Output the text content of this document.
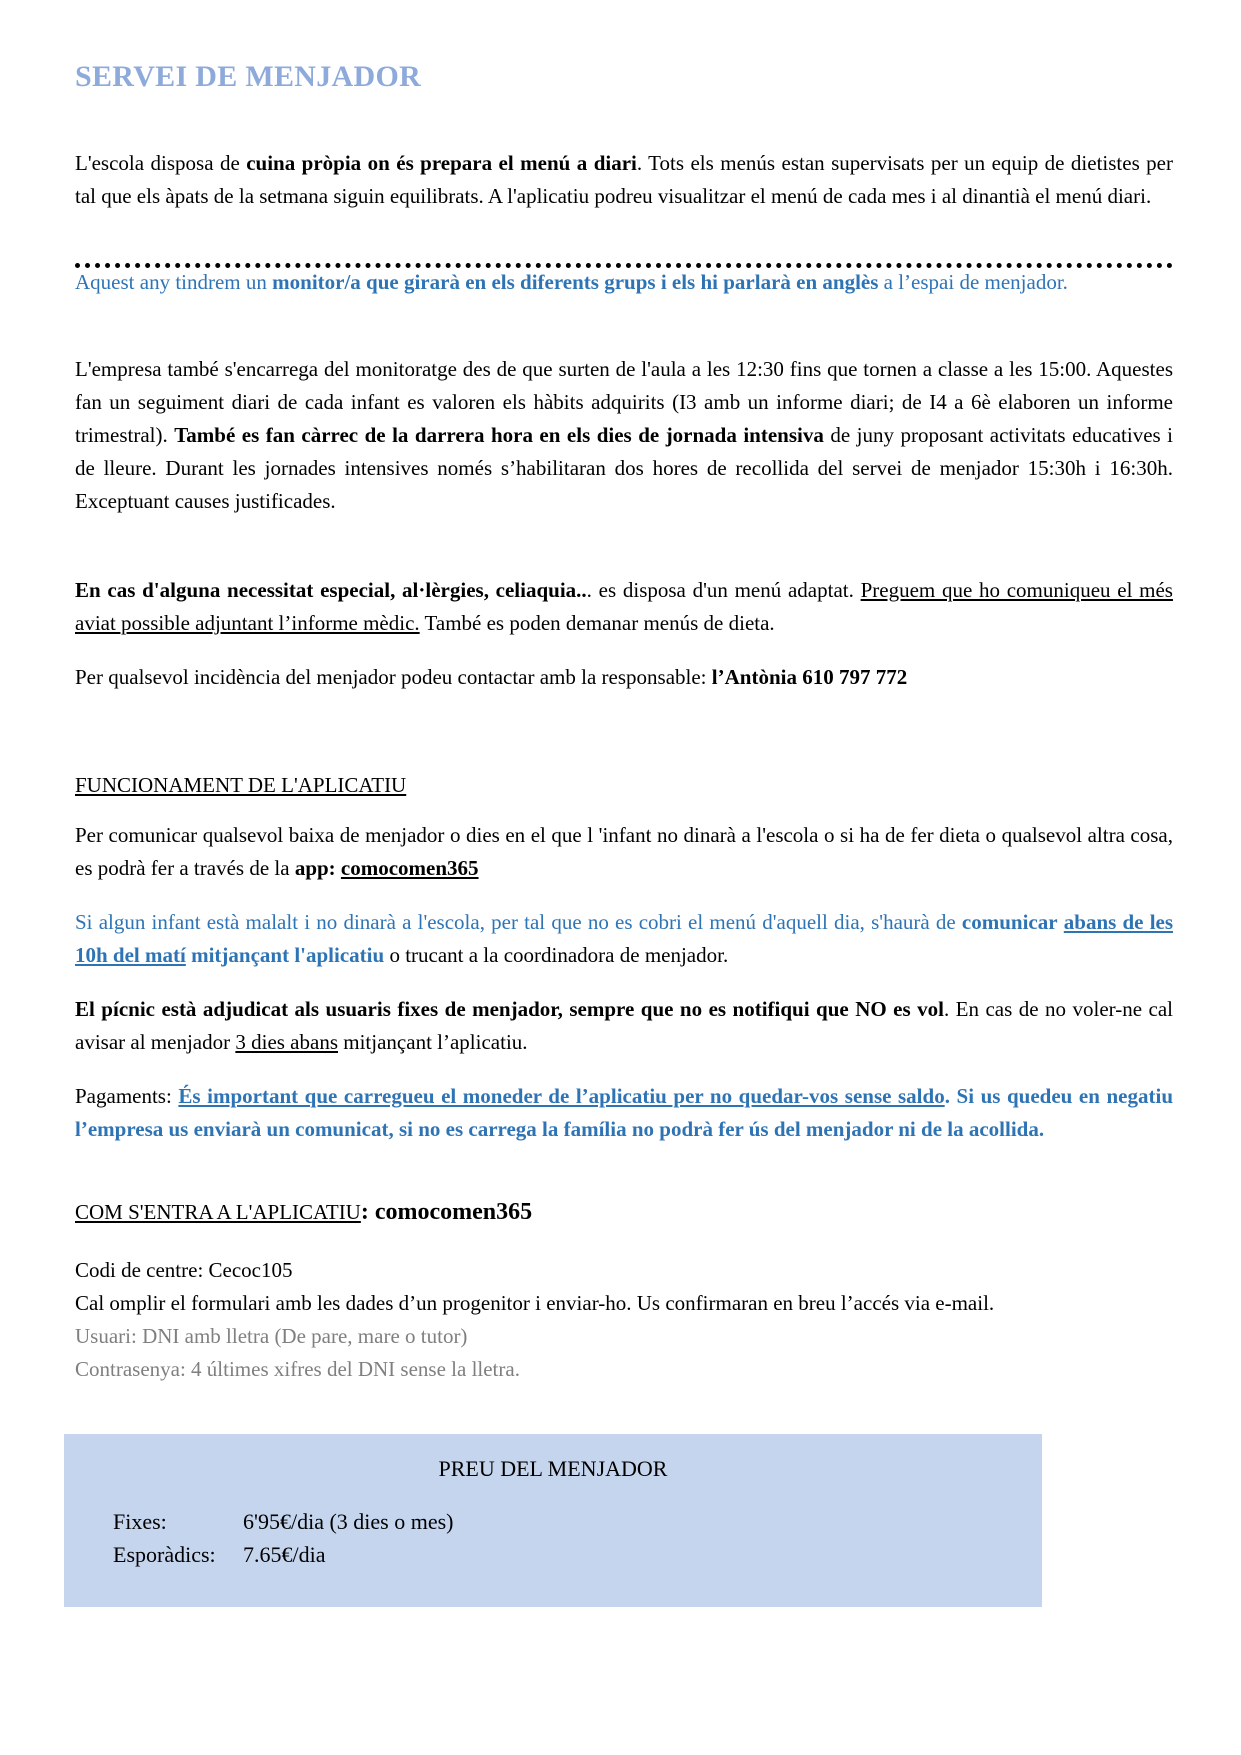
SERVEI DE MENJADOR

L'escola disposa de cuina pròpia on és prepara el menú a diari. Tots els menús estan supervisats per un equip de dietistes per tal que els àpats de la setmana siguin equilibrats. A l'aplicatiu podreu visualitzar el menú de cada mes i al dinantià el menú diari.

Aquest any tindrem un monitor/a que girarà en els diferents grups i els hi parlarà en anglès a l’espai de menjador.

L'empresa també s'encarrega del monitoratge des de que surten de l'aula a les 12:30 fins que tornen a classe a les 15:00. Aquestes fan un seguiment diari de cada infant es valoren els hàbits adquirits (I3 amb un informe diari; de I4 a 6è elaboren un informe trimestral). També es fan càrrec de la darrera hora en els dies de jornada intensiva de juny proposant activitats educatives i de lleure. Durant les jornades intensives només s’habilitaran dos hores de recollida del servei de menjador 15:30h i 16:30h. Exceptuant causes justificades.

En cas d'alguna necessitat especial, al·lèrgies, celiaquia... es disposa d'un menú adaptat. Preguem que ho comuniqueu el més aviat possible adjuntant l’informe mèdic. També es poden demanar menús de dieta.

Per qualsevol incidència del menjador podeu contactar amb la responsable: l’Antònia 610 797 772

FUNCIONAMENT DE L'APLICATIU

Per comunicar qualsevol baixa de menjador o dies en el que l 'infant no dinarà a l'escola o si ha de fer dieta o qualsevol altra cosa, es podrà fer a través de la app: comocomen365

Si algun infant està malalt i no dinarà a l'escola, per tal que no es cobri el menú d'aquell dia, s'haurà de comunicar abans de les 10h del matí mitjançant l'aplicatiu o trucant a la coordinadora de menjador.

El pícnic està adjudicat als usuaris fixes de menjador, sempre que no es notifiqui que NO es vol. En cas de no voler-ne cal avisar al menjador 3 dies abans mitjançant l’aplicatiu.

Pagaments: És important que carregueu el moneder de l’aplicatiu per no quedar-vos sense saldo. Si us quedeu en negatiu l’empresa us enviarà un comunicat, si no es carrega la família no podrà fer ús del menjador ni de la acollida.

COM S'ENTRA A L'APLICATIU: comocomen365

Codi de centre: Cecoc105
Cal omplir el formulari amb les dades d’un progenitor i enviar-ho. Us confirmaran en breu l’accés via e-mail.
Usuari: DNI amb lletra (De pare, mare o tutor)
Contrasenya: 4 últimes xifres del DNI sense la lletra.
PREU DEL MENJADOR
Fixes:	6'95€/dia (3 dies o mes)
Esporàdics: 7.65€/dia
